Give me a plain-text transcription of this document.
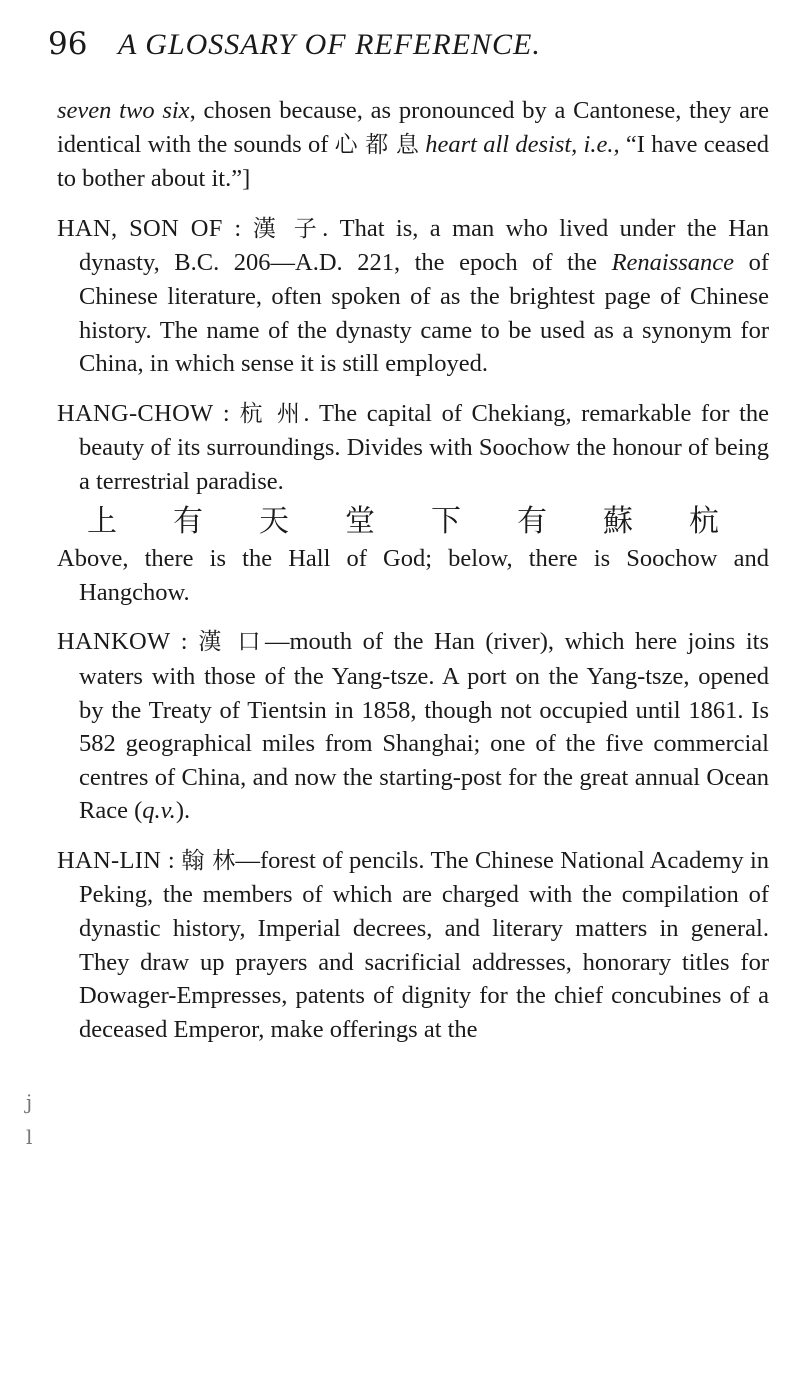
96 A GLOSSARY OF REFERENCE.

seven two six, chosen because, as pronounced by a Cantonese, they are identical with the sounds of 心 都 息 heart all desist, i.e., “I have ceased to bother about it.”]

HAN, SON OF : 漢 子. That is, a man who lived under the Han dynasty, B.C. 206—A.D. 221, the epoch of the Renaissance of Chinese literature, often spoken of as the brightest page of Chinese history. The name of the dynasty came to be used as a synonym for China, in which sense it is still employed.

HANG-CHOW : 杭 州. The capital of Chekiang, remarkable for the beauty of its surroundings. Divides with Soochow the honour of being a terrestrial paradise.

上 有 天 堂 下 有 蘇 杭

Above, there is the Hall of God; below, there is Soochow and Hangchow.

HANKOW : 漢 口—mouth of the Han (river), which here joins its waters with those of the Yang-tsze. A port on the Yang-tsze, opened by the Treaty of Tientsin in 1858, though not occupied until 1861. Is 582 geographical miles from Shanghai; one of the five commercial centres of China, and now the starting-post for the great annual Ocean Race (q.v.).

HAN-LIN : 翰 林—forest of pencils. The Chinese National Academy in Peking, the members of which are charged with the compilation of dynastic history, Imperial decrees, and literary matters in general. They draw up prayers and sacrificial addresses, honorary titles for Dowager-Empresses, patents of dignity for the chief concubines of a deceased Emperor, make offerings at the

j
l
